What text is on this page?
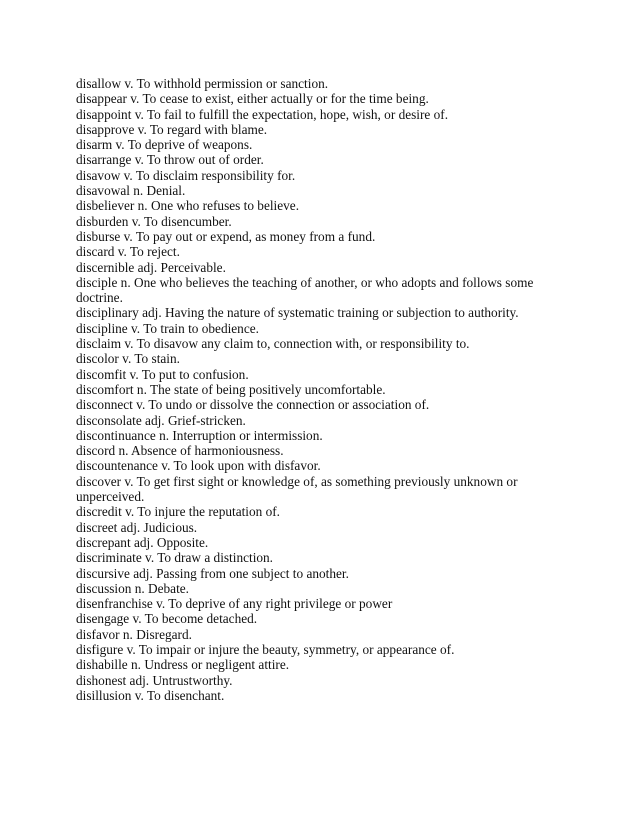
disallow v. To withhold permission or sanction.
disappear v. To cease to exist, either actually or for the time being.
disappoint v. To fail to fulfill the expectation, hope, wish, or desire of.
disapprove v. To regard with blame.
disarm v. To deprive of weapons.
disarrange v. To throw out of order.
disavow v. To disclaim responsibility for.
disavowal n. Denial.
disbeliever n. One who refuses to believe.
disburden v. To disencumber.
disburse v. To pay out or expend, as money from a fund.
discard v. To reject.
discernible adj. Perceivable.
disciple n. One who believes the teaching of another, or who adopts and follows some doctrine.
disciplinary adj. Having the nature of systematic training or subjection to authority.
discipline v. To train to obedience.
disclaim v. To disavow any claim to, connection with, or responsibility to.
discolor v. To stain.
discomfit v. To put to confusion.
discomfort n. The state of being positively uncomfortable.
disconnect v. To undo or dissolve the connection or association of.
disconsolate adj. Grief-stricken.
discontinuance n. Interruption or intermission.
discord n. Absence of harmoniousness.
discountenance v. To look upon with disfavor.
discover v. To get first sight or knowledge of, as something previously unknown or unperceived.
discredit v. To injure the reputation of.
discreet adj. Judicious.
discrepant adj. Opposite.
discriminate v. To draw a distinction.
discursive adj. Passing from one subject to another.
discussion n. Debate.
disenfranchise v. To deprive of any right privilege or power
disengage v. To become detached.
disfavor n. Disregard.
disfigure v. To impair or injure the beauty, symmetry, or appearance of.
dishabille n. Undress or negligent attire.
dishonest adj. Untrustworthy.
disillusion v. To disenchant.
